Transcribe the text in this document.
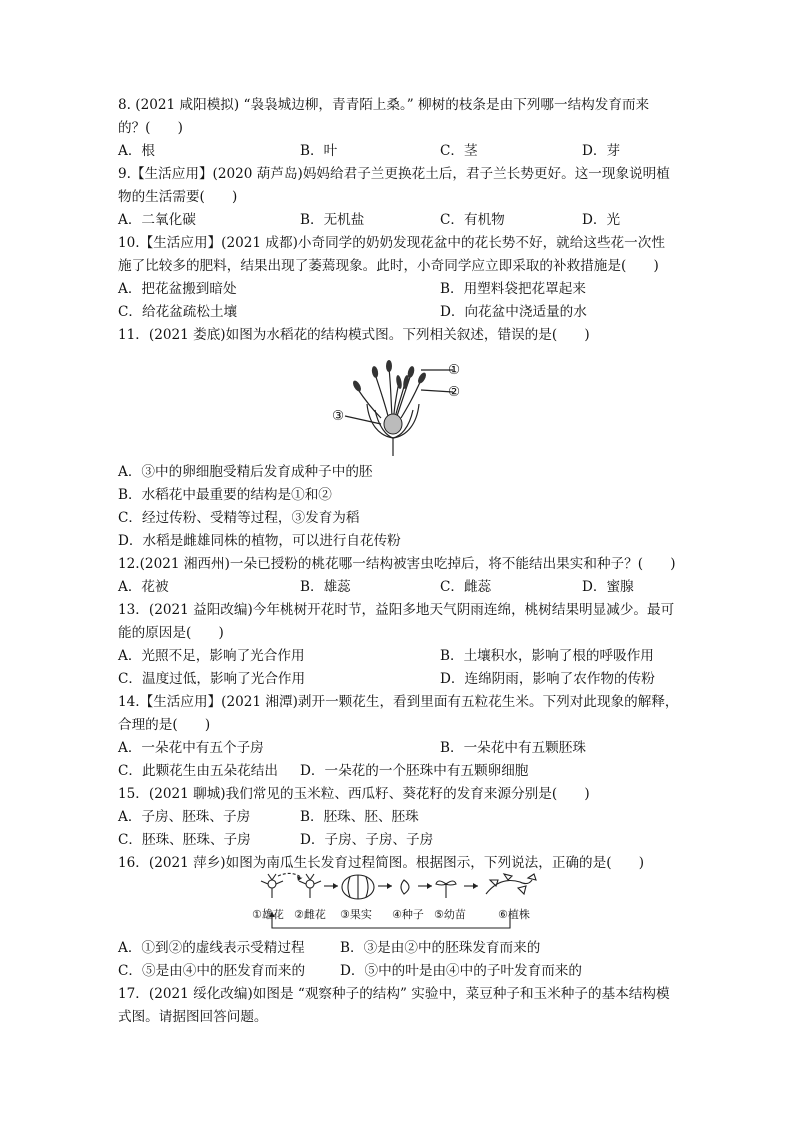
8. (2021 咸阳模拟) “袅袅城边柳，青青陌上桑。” 柳树的枝条是由下列哪一结构发育而来
的？(　　)
A．根	B．叶	C．茎	D．芽
9.【生活应用】(2020 葫芦岛)妈妈给君子兰更换花土后，君子兰长势更好。这一现象说明植
物的生活需要(　　)
A．二氧化碳	B．无机盐	C．有机物	D．光
10.【生活应用】(2021 成都)小奇同学的奶奶发现花盆中的花长势不好，就给这些花一次性
施了比较多的肥料，结果出现了萎蔫现象。此时，小奇同学应立即采取的补救措施是(　　)
A．把花盆搬到暗处	B．用塑料袋把花罩起来
C．给花盆疏松土壤	D．向花盆中浇适量的水
11．(2021 娄底)如图为水稻花的结构模式图。下列相关叙述，错误的是(　　)
①
②
③
A．③中的卵细胞受精后发育成种子中的胚
B．水稻花中最重要的结构是①和②
C．经过传粉、受精等过程，③发育为稻
D．水稻是雌雄同株的植物，可以进行自花传粉
12.(2021 湘西州)一朵已授粉的桃花哪一结构被害虫吃掉后，将不能结出果实和种子？(　　)
A．花被	B．雄蕊	C．雌蕊	D．蜜腺
13．(2021 益阳改编)今年桃树开花时节，益阳多地天气阴雨连绵，桃树结果明显减少。最可
能的原因是(　　)
A．光照不足，影响了光合作用	B．土壤积水，影响了根的呼吸作用
C．温度过低，影响了光合作用	D．连绵阴雨，影响了农作物的传粉
14.【生活应用】(2021 湘潭)剥开一颗花生，看到里面有五粒花生米。下列对此现象的解释，
合理的是(　　)
A．一朵花中有五个子房	B．一朵花中有五颗胚珠
C．此颗花生由五朵花结出 D．一朵花的一个胚珠中有五颗卵细胞
15．(2021 聊城)我们常见的玉米粒、西瓜籽、葵花籽的发育来源分别是(　　)
A．子房、胚珠、子房	B．胚珠、胚、胚珠
C．胚珠、胚珠、子房	D．子房、子房、子房
16．(2021 萍乡)如图为南瓜生长发育过程简图。根据图示，下列说法，正确的是(　　)
①雄花 ②雌花 ③果实 ④种子 ⑤幼苗	⑥植株
A．①到②的虚线表示受精过程	B．③是由②中的胚珠发育而来的
C．⑤是由④中的胚发育而来的	D．⑤中的叶是由④中的子叶发育而来的
17．(2021 绥化改编)如图是 “观察种子的结构” 实验中，菜豆种子和玉米种子的基本结构模
式图。请据图回答问题。
